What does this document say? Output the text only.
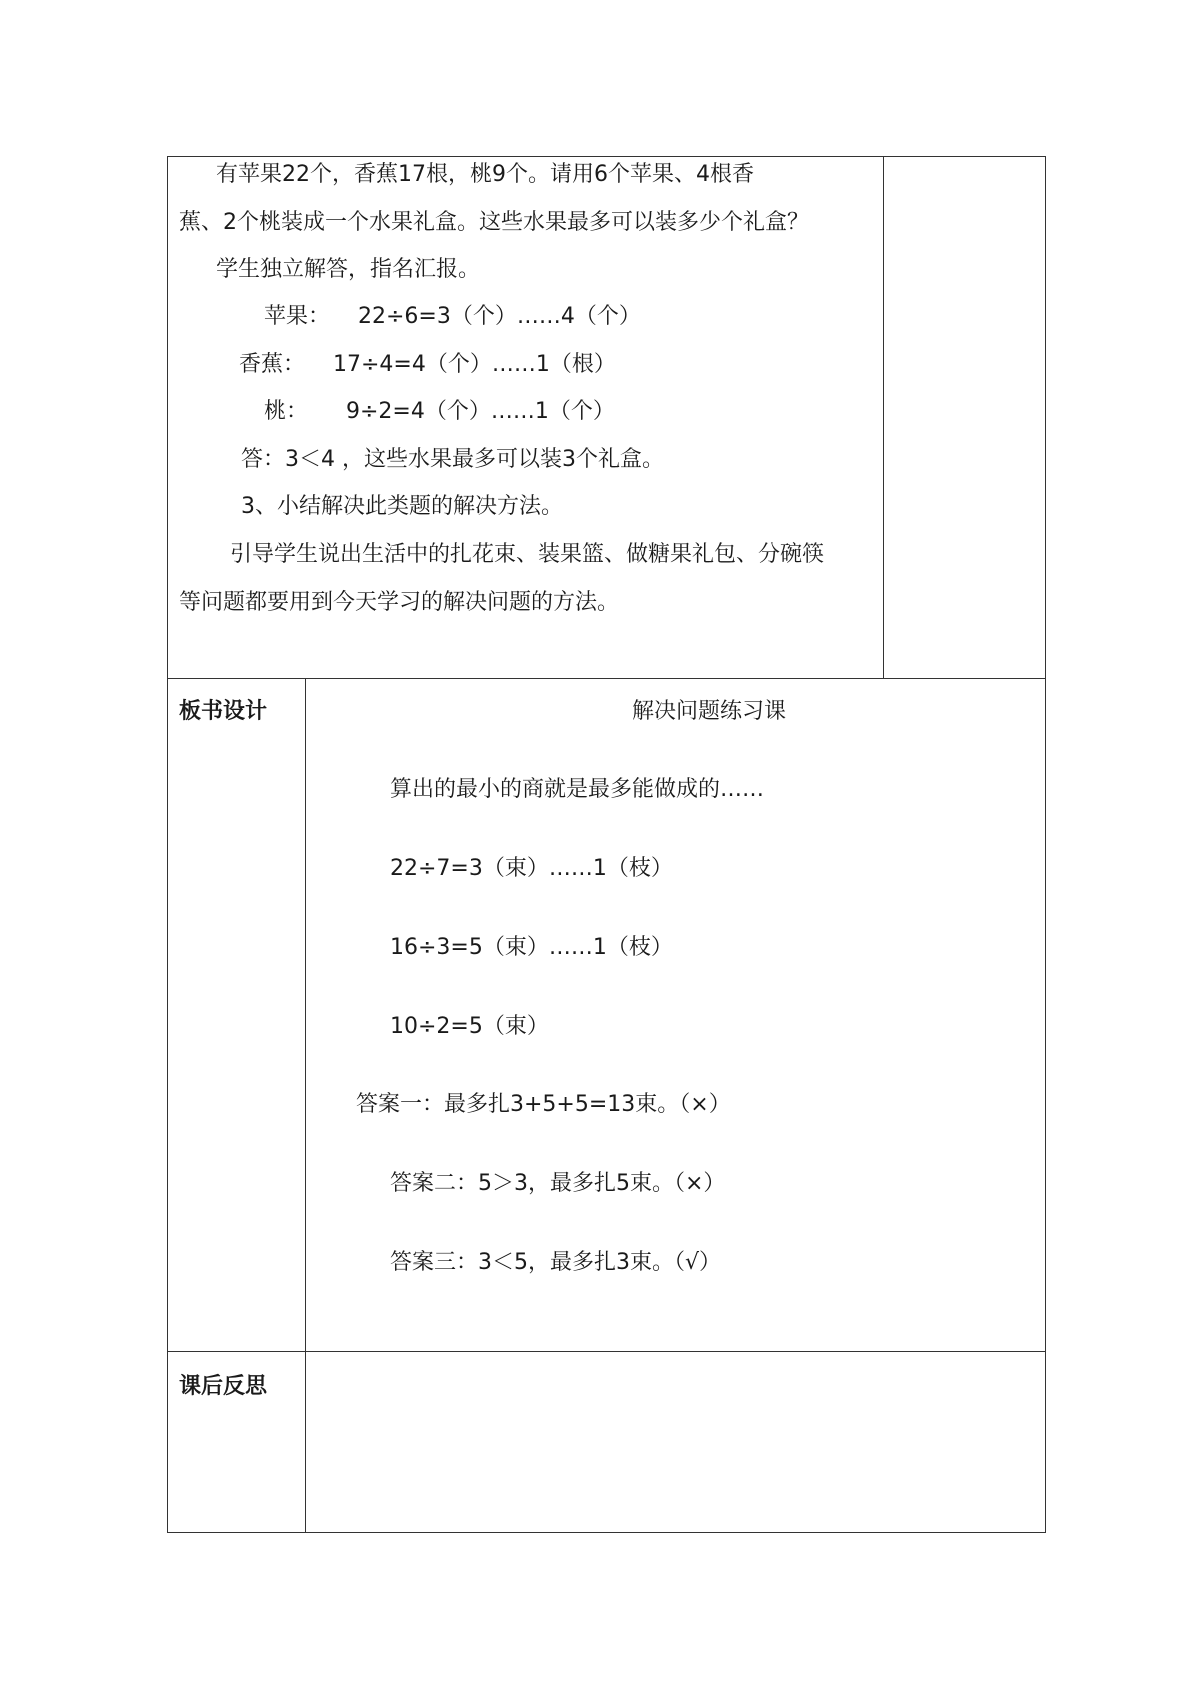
有苹果22个，香蕉17根，桃9个。请用6个苹果、4根香
蕉、2个桃装成一个水果礼盒。这些水果最多可以装多少个礼盒？
学生独立解答，指名汇报。
苹果： 22÷6=3（个）……4（个）
香蕉： 17÷4=4（个）……1（根）
桃： 9÷2=4（个）……1（个）
答：3＜4 ，这些水果最多可以装3个礼盒。
3、小结解决此类题的解决方法。
引导学生说出生活中的扎花束、装果篮、做糖果礼包、分碗筷
等问题都要用到今天学习的解决问题的方法。
板书设计	解决问题练习课
算出的最小的商就是最多能做成的……
22÷7=3（束）……1（枝）
16÷3=5（束）……1（枝）
10÷2=5（束）
答案一：最多扎3+5+5=13束。（×）
答案二：5＞3，最多扎5束。（×）
答案三：3＜5，最多扎3束。（√）
课后反思
